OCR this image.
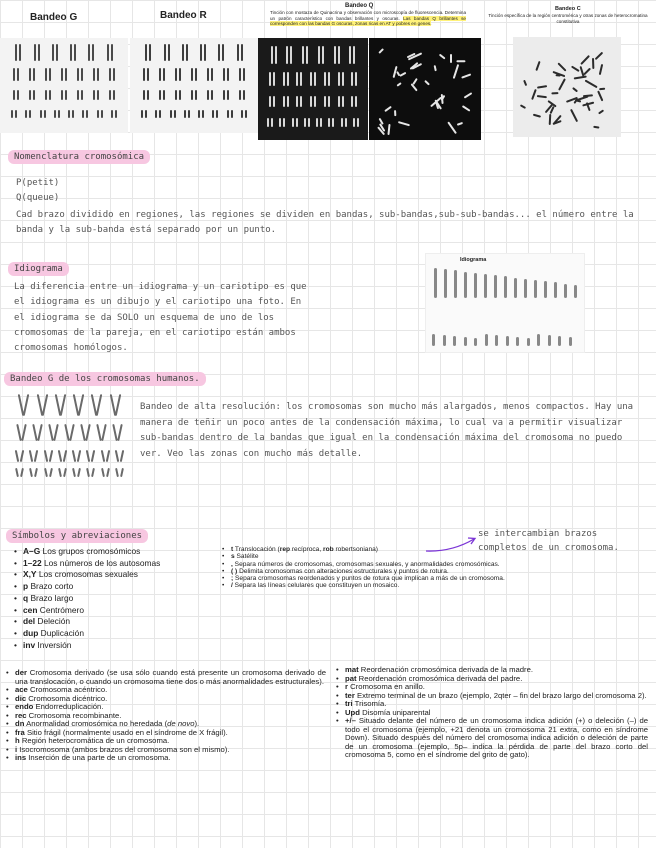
Bandeo G	Bandeo R
Bandeo Q
Tinción con mostaza de Quinacrina y observación con microscopía de fluorescencia. Determina un patrón característico con bandas brillantes y oscuras. Las bandas Q brillantes se corresponden con las bandas G oscuras, zonas ricas en AT y pobres en genes.
Bandeo C
Tinción específica de la región centromérica y otras zonas de heterocromatina constitutiva
Nomenclatura cromosómica
P(petit)
Q(queue)
Cad brazo dividido en regiones, las regiones se dividen en bandas, sub-bandas,sub-sub-bandas... el número entre la banda y la sub-banda está separado por un punto.
Idiograma
La diferencia entre un idiograma y un cariotipo es que el idiograma es un dibujo y el cariotipo una foto. En el idiograma se da SOLO un esquema de uno de los cromosomas de la pareja, en el cariotipo están ambos cromosomas homólogos.
Idiograma
Bandeo G de los cromosomas humanos.
Bandeo de alta resolución: los cromosomas son mucho más alargados, menos compactos. Hay una manera de teñir un poco antes de la condensación máxima, lo cual va a permitir visualizar sub-bandas dentro de la bandas que igual en la condensación máxima del cromosoma no puedo ver. Veo las zonas con mucho más detalle.
Símbolos y abreviaciones	se intercambian brazos completos de un cromosoma.
• A–G Los grupos cromosómicos
• 1–22 Los números de los autosomas
• X,Y Los cromosomas sexuales
• p Brazo corto
• q Brazo largo
• cen Centrómero
• del Deleción
• dup Duplicación
• inv Inversión
• t Translocación (rep recíproca, rob robertsoniana)
• s Satélite
• , Separa números de cromosomas, cromosomas sexuales, y anormalidades cromosómicas.
• ( ) Delimita cromosomas con alteraciones estructurales y puntos de rotura.
• ; Separa cromosomas reordenados y puntos de rotura que implican a más de un cromosoma.
• / Separa las líneas celulares que constituyen un mosaico.
• der Cromosoma derivado (se usa sólo cuando está presente un cromosoma derivado de una translocación, o cuando un cromosoma tiene dos o más anormalidades estructurales).
• ace Cromosoma acéntrico.
• dic Cromosoma dicéntrico.
• endo Endorreduplicación.
• rec Cromosoma recombinante.
• dn Anormalidad cromosómica no heredada (de novo).
• fra Sitio frágil (normalmente usado en el síndrome de X frágil).
• h Región heterocromática de un cromosoma.
• i Isocromosoma (ambos brazos del cromosoma son el mismo).
• ins Inserción de una parte de un cromosoma.
• mat Reordenación cromosómica derivada de la madre.
• pat Reordenación cromosómica derivada del padre.
• r Cromosoma en anillo.
• ter Extremo terminal de un brazo (ejemplo, 2qter – fin del brazo largo del cromosoma 2).
• tri Trisomía.
• Upd Disomía uniparental
• +/– Situado delante del número de un cromosoma indica adición (+) o deleción (–) de todo el cromosoma (ejemplo, +21 denota un cromosoma 21 extra, como en síndrome Down). Situado después del número del cromosoma indica adición o deleción de parte de un cromosoma (ejemplo, 5p– indica la pérdida de parte del brazo corto del cromosoma 5, como en el síndrome del grito de gato).
